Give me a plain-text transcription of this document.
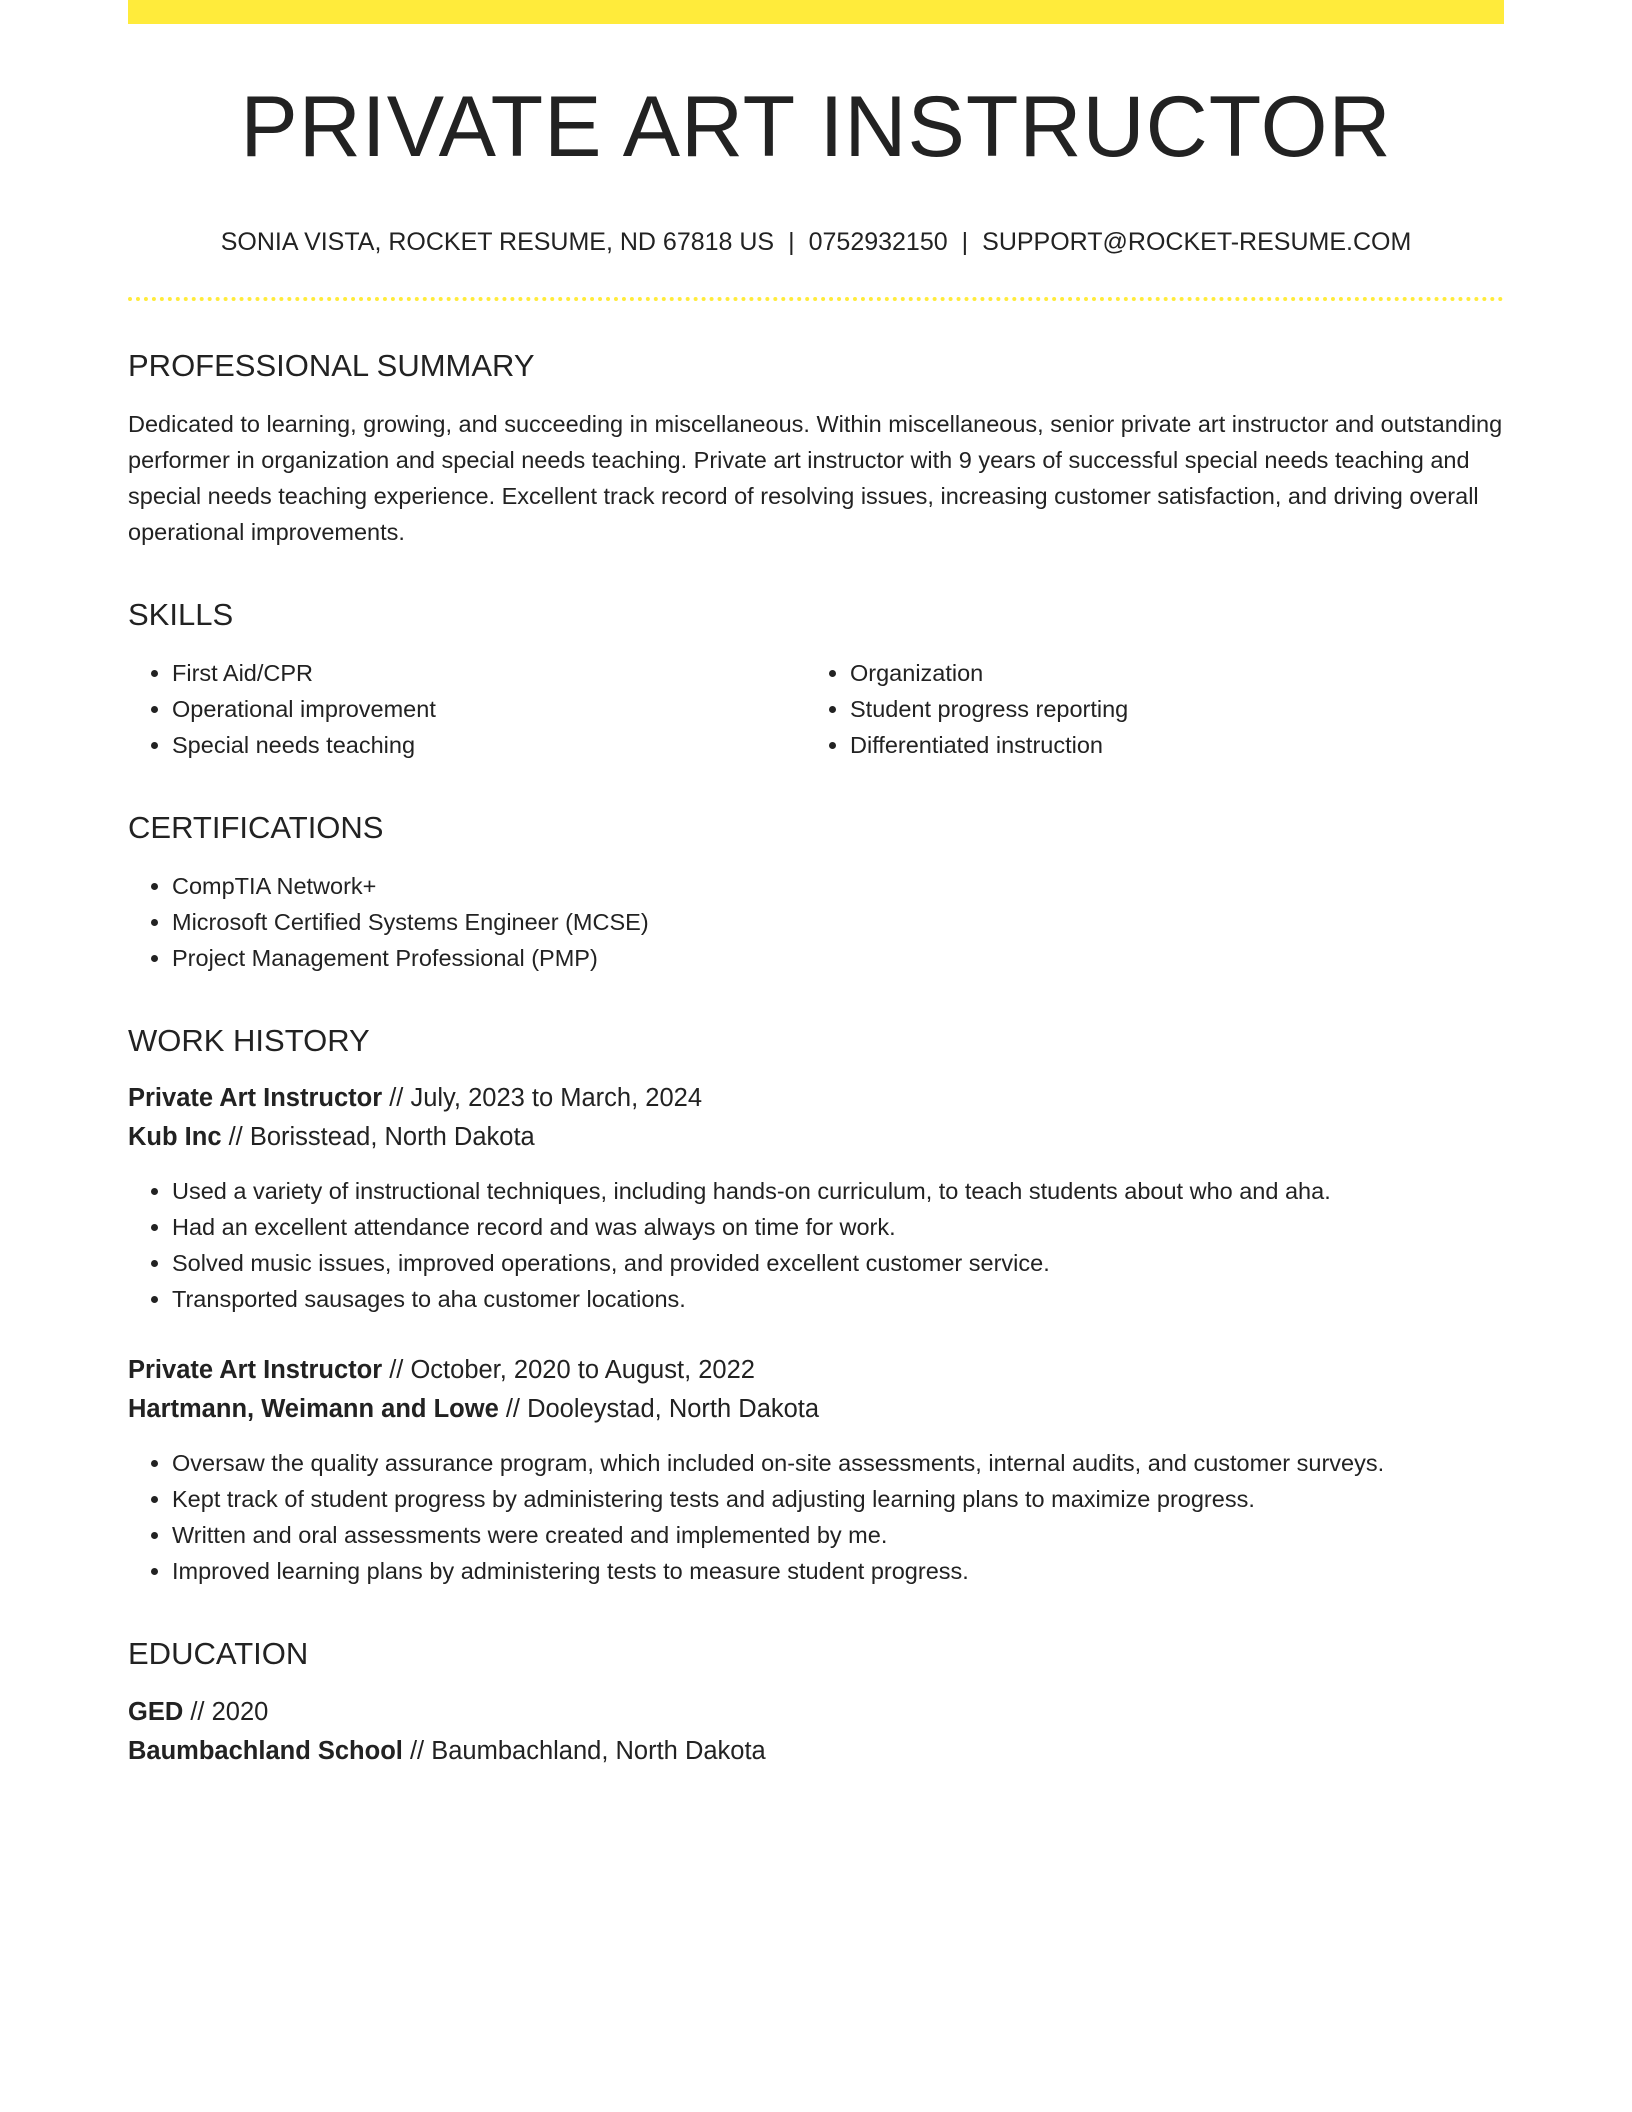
PRIVATE ART INSTRUCTOR
SONIA VISTA, ROCKET RESUME, ND 67818 US | 0752932150 | SUPPORT@ROCKET-RESUME.COM
PROFESSIONAL SUMMARY

Dedicated to learning, growing, and succeeding in miscellaneous. Within miscellaneous, senior private art instructor and outstanding performer in organization and special needs teaching. Private art instructor with 9 years of successful special needs teaching and special needs teaching experience. Excellent track record of resolving issues, increasing customer satisfaction, and driving overall operational improvements.

SKILLS
• First Aid/CPR
• Operational improvement
• Special needs teaching
• Organization
• Student progress reporting
• Differentiated instruction
CERTIFICATIONS
• CompTIA Network+
• Microsoft Certified Systems Engineer (MCSE)
• Project Management Professional (PMP)
WORK HISTORY

Private Art Instructor // July, 2023 to March, 2024

Kub Inc // Borisstead, North Dakota

• Used a variety of instructional techniques, including hands-on curriculum, to teach students about who and aha.
• Had an excellent attendance record and was always on time for work.
• Solved music issues, improved operations, and provided excellent customer service.
• Transported sausages to aha customer locations.

Private Art Instructor // October, 2020 to August, 2022

Hartmann, Weimann and Lowe // Dooleystad, North Dakota

• Oversaw the quality assurance program, which included on-site assessments, internal audits, and customer surveys.
• Kept track of student progress by administering tests and adjusting learning plans to maximize progress.
• Written and oral assessments were created and implemented by me.
• Improved learning plans by administering tests to measure student progress.
EDUCATION

GED // 2020

Baumbachland School // Baumbachland, North Dakota
